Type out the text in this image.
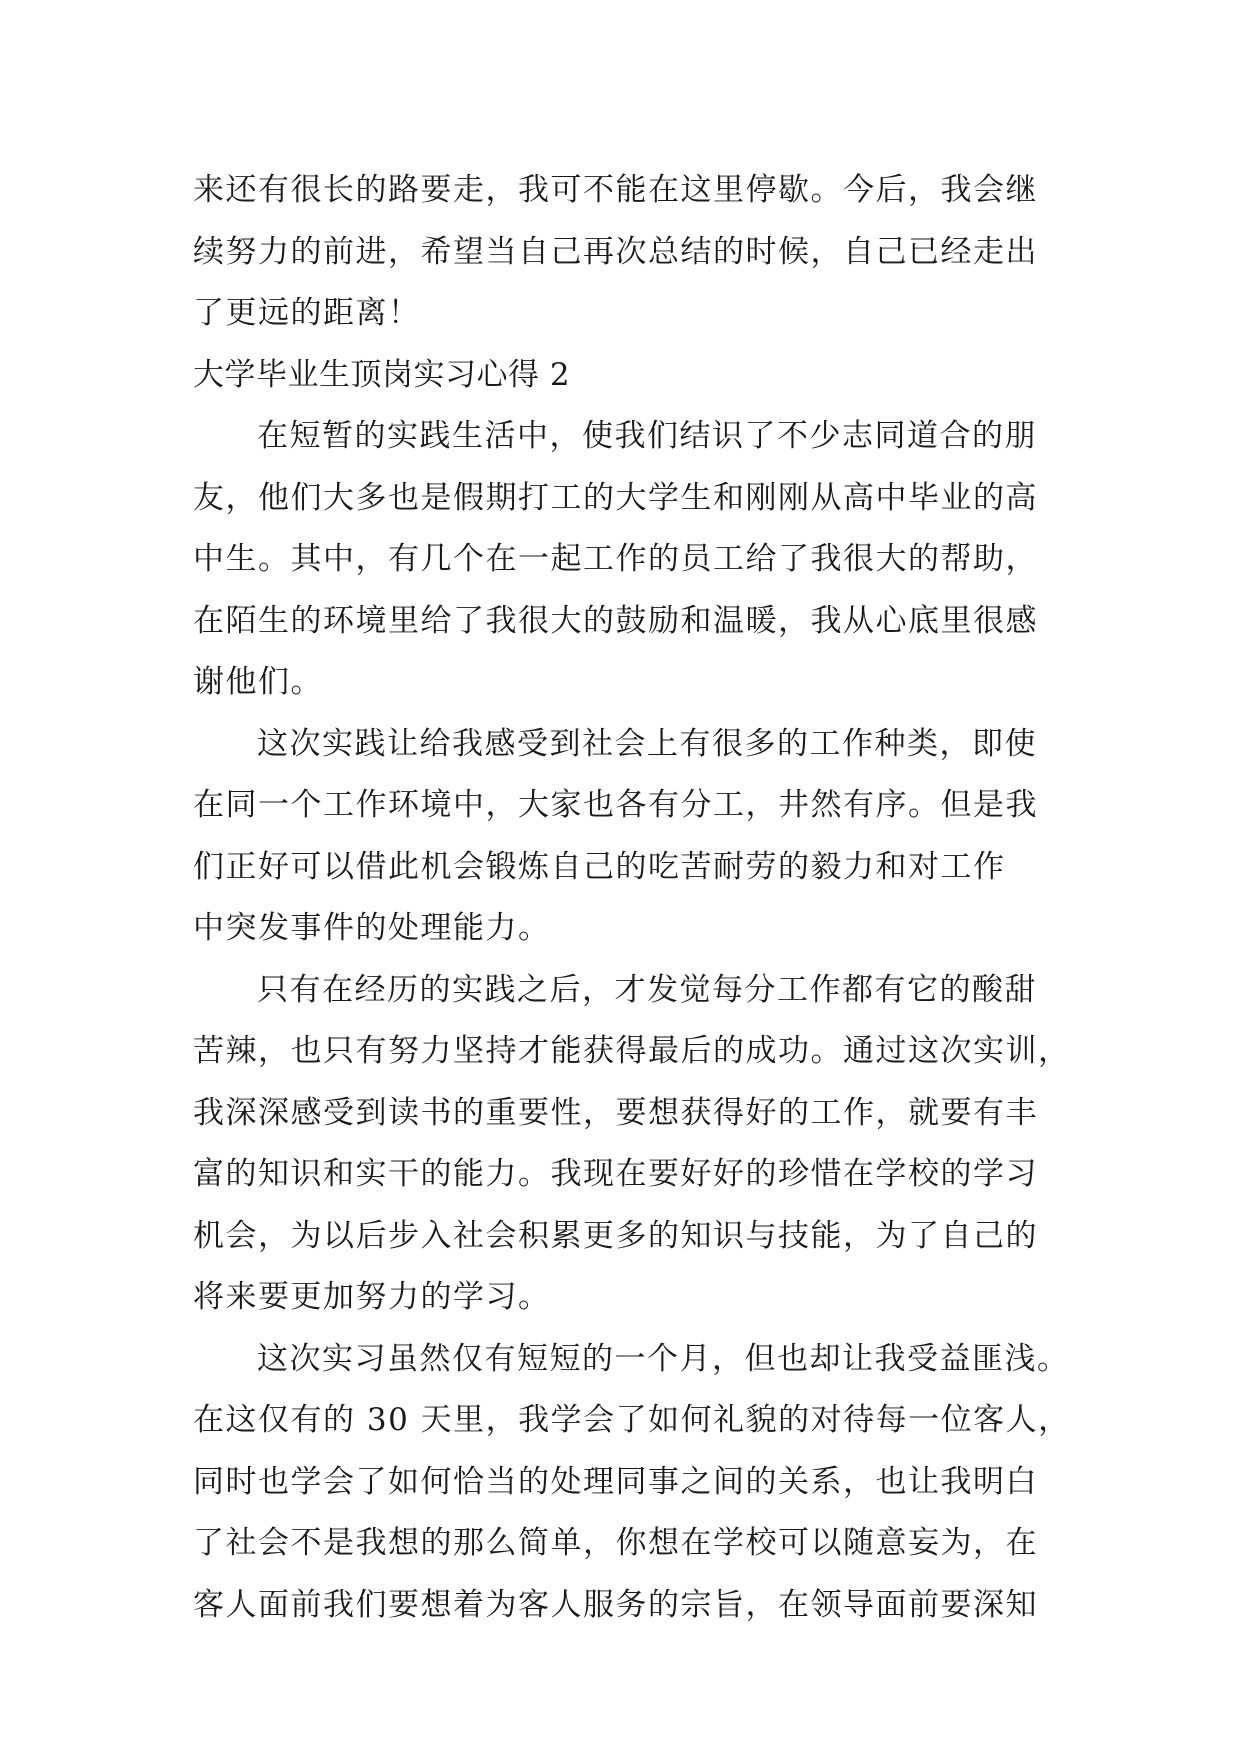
来还有很长的路要走，我可不能在这里停歇。今后，我会继
续努力的前进，希望当自己再次总结的时候，自己已经走出
了更远的距离！
大学毕业生顶岗实习心得 2
在短暂的实践生活中，使我们结识了不少志同道合的朋
友，他们大多也是假期打工的大学生和刚刚从高中毕业的高
中生。其中，有几个在一起工作的员工给了我很大的帮助，
在陌生的环境里给了我很大的鼓励和温暖，我从心底里很感
谢他们。
这次实践让给我感受到社会上有很多的工作种类，即使
在同一个工作环境中，大家也各有分工，井然有序。但是我
们正好可以借此机会锻炼自己的吃苦耐劳的毅力和对工作
中突发事件的处理能力。
只有在经历的实践之后，才发觉每分工作都有它的酸甜
苦辣，也只有努力坚持才能获得最后的成功。通过这次实训，
我深深感受到读书的重要性，要想获得好的工作，就要有丰
富的知识和实干的能力。我现在要好好的珍惜在学校的学习
机会，为以后步入社会积累更多的知识与技能，为了自己的
将来要更加努力的学习。
这次实习虽然仅有短短的一个月，但也却让我受益匪浅。
在这仅有的 30 天里，我学会了如何礼貌的对待每一位客人，
同时也学会了如何恰当的处理同事之间的关系，也让我明白
了社会不是我想的那么简单，你想在学校可以随意妄为，在
客人面前我们要想着为客人服务的宗旨，在领导面前要深知
